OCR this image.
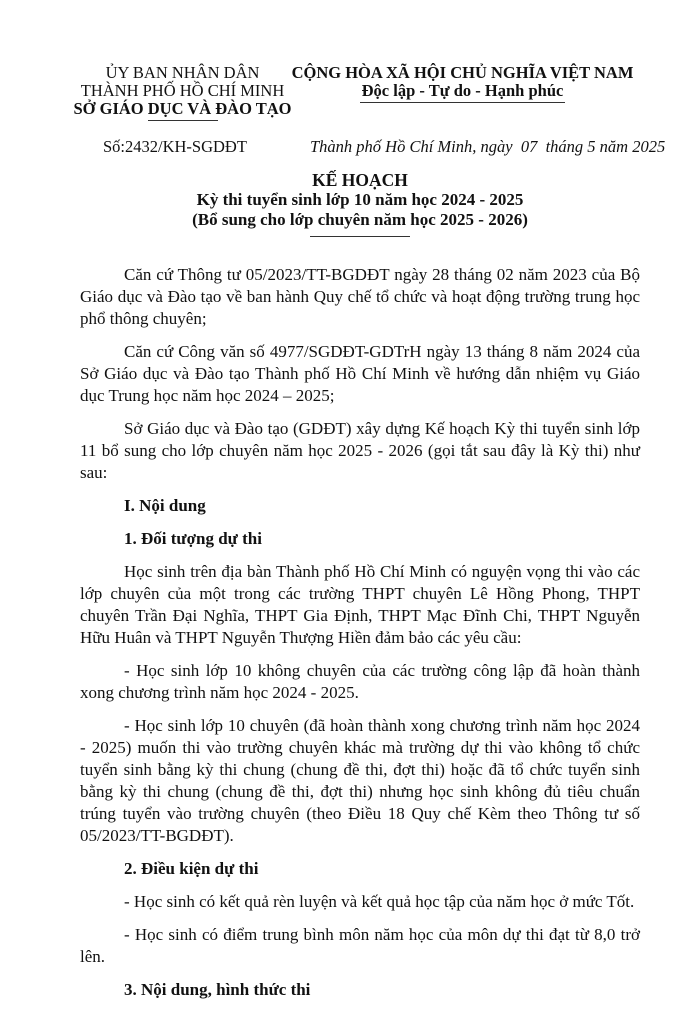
ỦY BAN NHÂN DÂN
THÀNH PHỐ HỒ CHÍ MINH
SỞ GIÁO DỤC VÀ ĐÀO TẠO
CỘNG HÒA XÃ HỘI CHỦ NGHĨA VIỆT NAM
Độc lập - Tự do - Hạnh phúc
Số:2432/KH-SGDĐT	Thành phố Hồ Chí Minh, ngày  07  tháng 5 năm 2025
KẾ HOẠCH
Kỳ thi tuyển sinh lớp 10 năm học 2024 - 2025
(Bổ sung cho lớp chuyên năm học 2025 - 2026)

Căn cứ Thông tư 05/2023/TT-BGDĐT ngày 28 tháng 02 năm 2023 của Bộ Giáo dục và Đào tạo về ban hành Quy chế tổ chức và hoạt động trường trung học phổ thông chuyên;

Căn cứ Công văn số 4977/SGDĐT-GDTrH ngày 13 tháng 8 năm 2024 của Sở Giáo dục và Đào tạo Thành phố Hồ Chí Minh về hướng dẫn nhiệm vụ Giáo dục Trung học năm học 2024 – 2025;

Sở Giáo dục và Đào tạo (GDĐT) xây dựng Kế hoạch Kỳ thi tuyển sinh lớp 11 bổ sung cho lớp chuyên năm học 2025 - 2026 (gọi tắt sau đây là Kỳ thi) như sau:

I. Nội dung

1. Đối tượng dự thi

Học sinh trên địa bàn Thành phố Hồ Chí Minh có nguyện vọng thi vào các lớp chuyên của một trong các trường THPT chuyên Lê Hồng Phong, THPT chuyên Trần Đại Nghĩa, THPT Gia Định, THPT Mạc Đĩnh Chi, THPT Nguyễn Hữu Huân và THPT Nguyễn Thượng Hiền đảm bảo các yêu cầu:

- Học sinh lớp 10 không chuyên của các trường công lập đã hoàn thành xong chương trình năm học 2024 - 2025.

- Học sinh lớp 10 chuyên (đã hoàn thành xong chương trình năm học 2024 - 2025) muốn thi vào trường chuyên khác mà trường dự thi vào không tổ chức tuyển sinh bằng kỳ thi chung (chung đề thi, đợt thi) hoặc đã tổ chức tuyển sinh bằng kỳ thi chung (chung đề thi, đợt thi) nhưng học sinh không đủ tiêu chuẩn trúng tuyển vào trường chuyên (theo Điều 18 Quy chế Kèm theo Thông tư số 05/2023/TT-BGDĐT).

2. Điều kiện dự thi

- Học sinh có kết quả rèn luyện và kết quả học tập của năm học ở mức Tốt.

- Học sinh có điểm trung bình môn năm học của môn dự thi đạt từ 8,0 trở lên.

3. Nội dung, hình thức thi
